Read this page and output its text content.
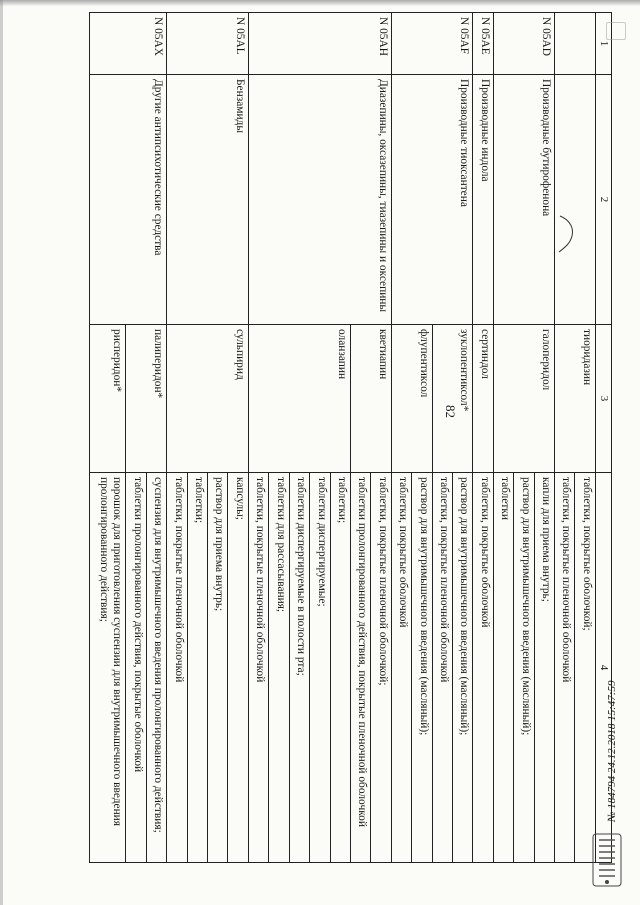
82
1	2	3	4
		тиоридазин	таблетки, покрытые оболочкой;
			таблетки, покрытые пленочной оболочкой
N 05AD	Производные бутирофенона	галоперидол	капли для приема внутрь;
			раствор для внутримышечного введения (масляный);
			таблетки
N 05AE	Производные индола	сертиндол	таблетки, покрытые оболочкой
N 05AF	Производные тиоксантена	зуклопентиксол*	раствор для внутримышечного введения (масляный);
			таблетки, покрытые пленочной оболочкой
		флупентиксол	раствор для внутримышечного введения (масляный);
			таблетки, покрытые оболочкой
N 05AH	Диазепины, оксазепины, тиазепины и оксепины	кветиапин	таблетки, покрытые пленочной оболочкой;
			таблетки пролонгированного действия, покрытые пленочной оболочкой
		оланзапин	таблетки;
			таблетки диспергируемые;
			таблетки диспергируемые в полости рта;
			таблетки для рассасывания;
			таблетки, покрытые пленочной оболочкой
N 05AL	Бензамиды	сульпирид	капсулы;
			раствор для приема внутрь;
			таблетки;
			таблетки, покрытые пленочной оболочкой
N 05AX	Другие антипсихотические средства	палиперидон*	суспензия для внутримышечного введения пролонгированного действия;
			таблетки пролонгированного действия, покрытые оболочкой
		рисперидон*	порошок для приготовления суспензии для внутримышечного введения пролонгированного действия;
№ 184794 24.12.2018 15:47:59
